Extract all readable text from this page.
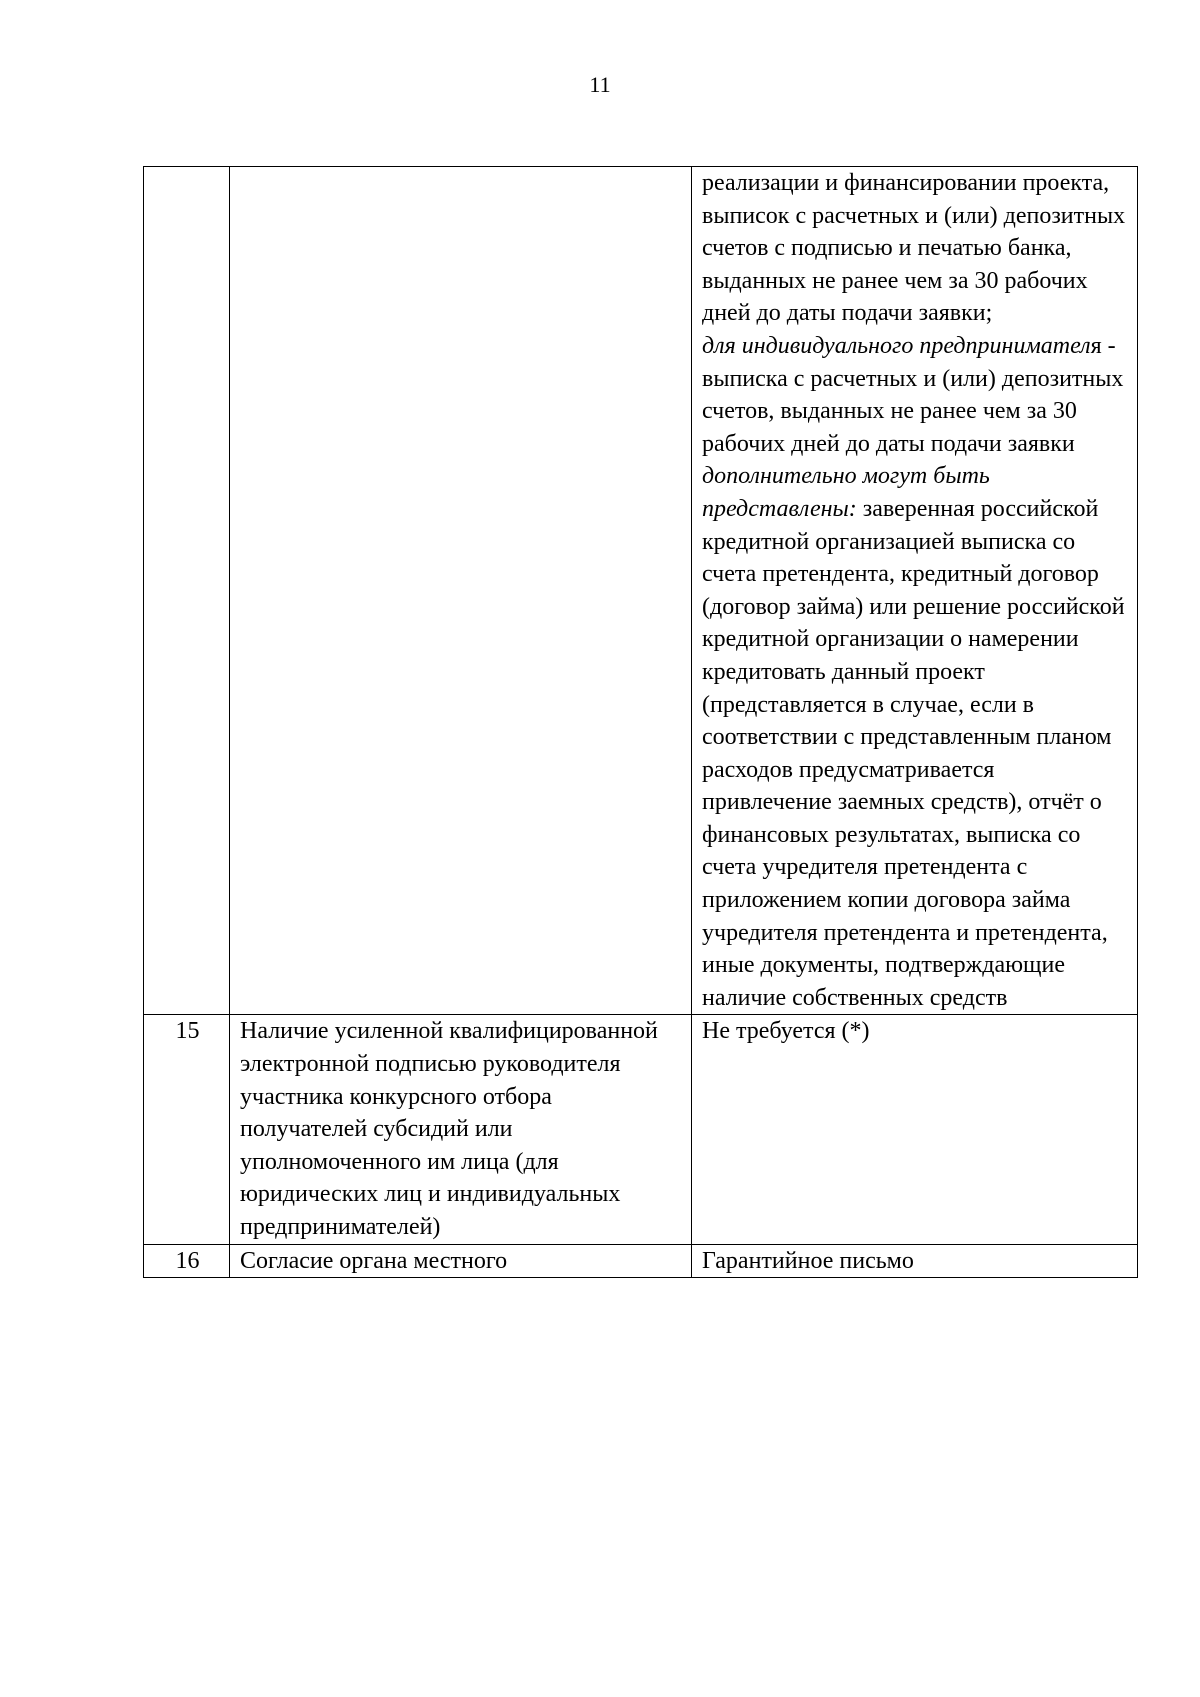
11

		реализации и финансировании проекта, выписок с расчетных и (или) депозитных счетов с подписью и печатью банка, выданных не ранее чем за 30 рабочих дней до даты подачи заявки;
для индивидуального предпринимателя - выписка с расчетных и (или) депозитных счетов, выданных не ранее чем за 30 рабочих дней до даты подачи заявки
дополнительно могут быть представлены: заверенная российской кредитной организацией выписка со счета претендента, кредитный договор (договор займа) или решение российской кредитной организации о намерении кредитовать данный проект (представляется в случае, если в соответствии с представленным планом расходов предусматривается привлечение заемных средств), отчёт о финансовых результатах, выписка со счета учредителя претендента с приложением копии договора займа учредителя претендента и претендента, иные документы, подтверждающие наличие собственных средств
15	Наличие усиленной квалифицированной электронной подписью руководителя участника конкурсного отбора получателей субсидий или уполномоченного им лица (для юридических лиц и индивидуальных предпринимателей)	Не требуется (*)
16	Согласие органа местного	Гарантийное письмо
